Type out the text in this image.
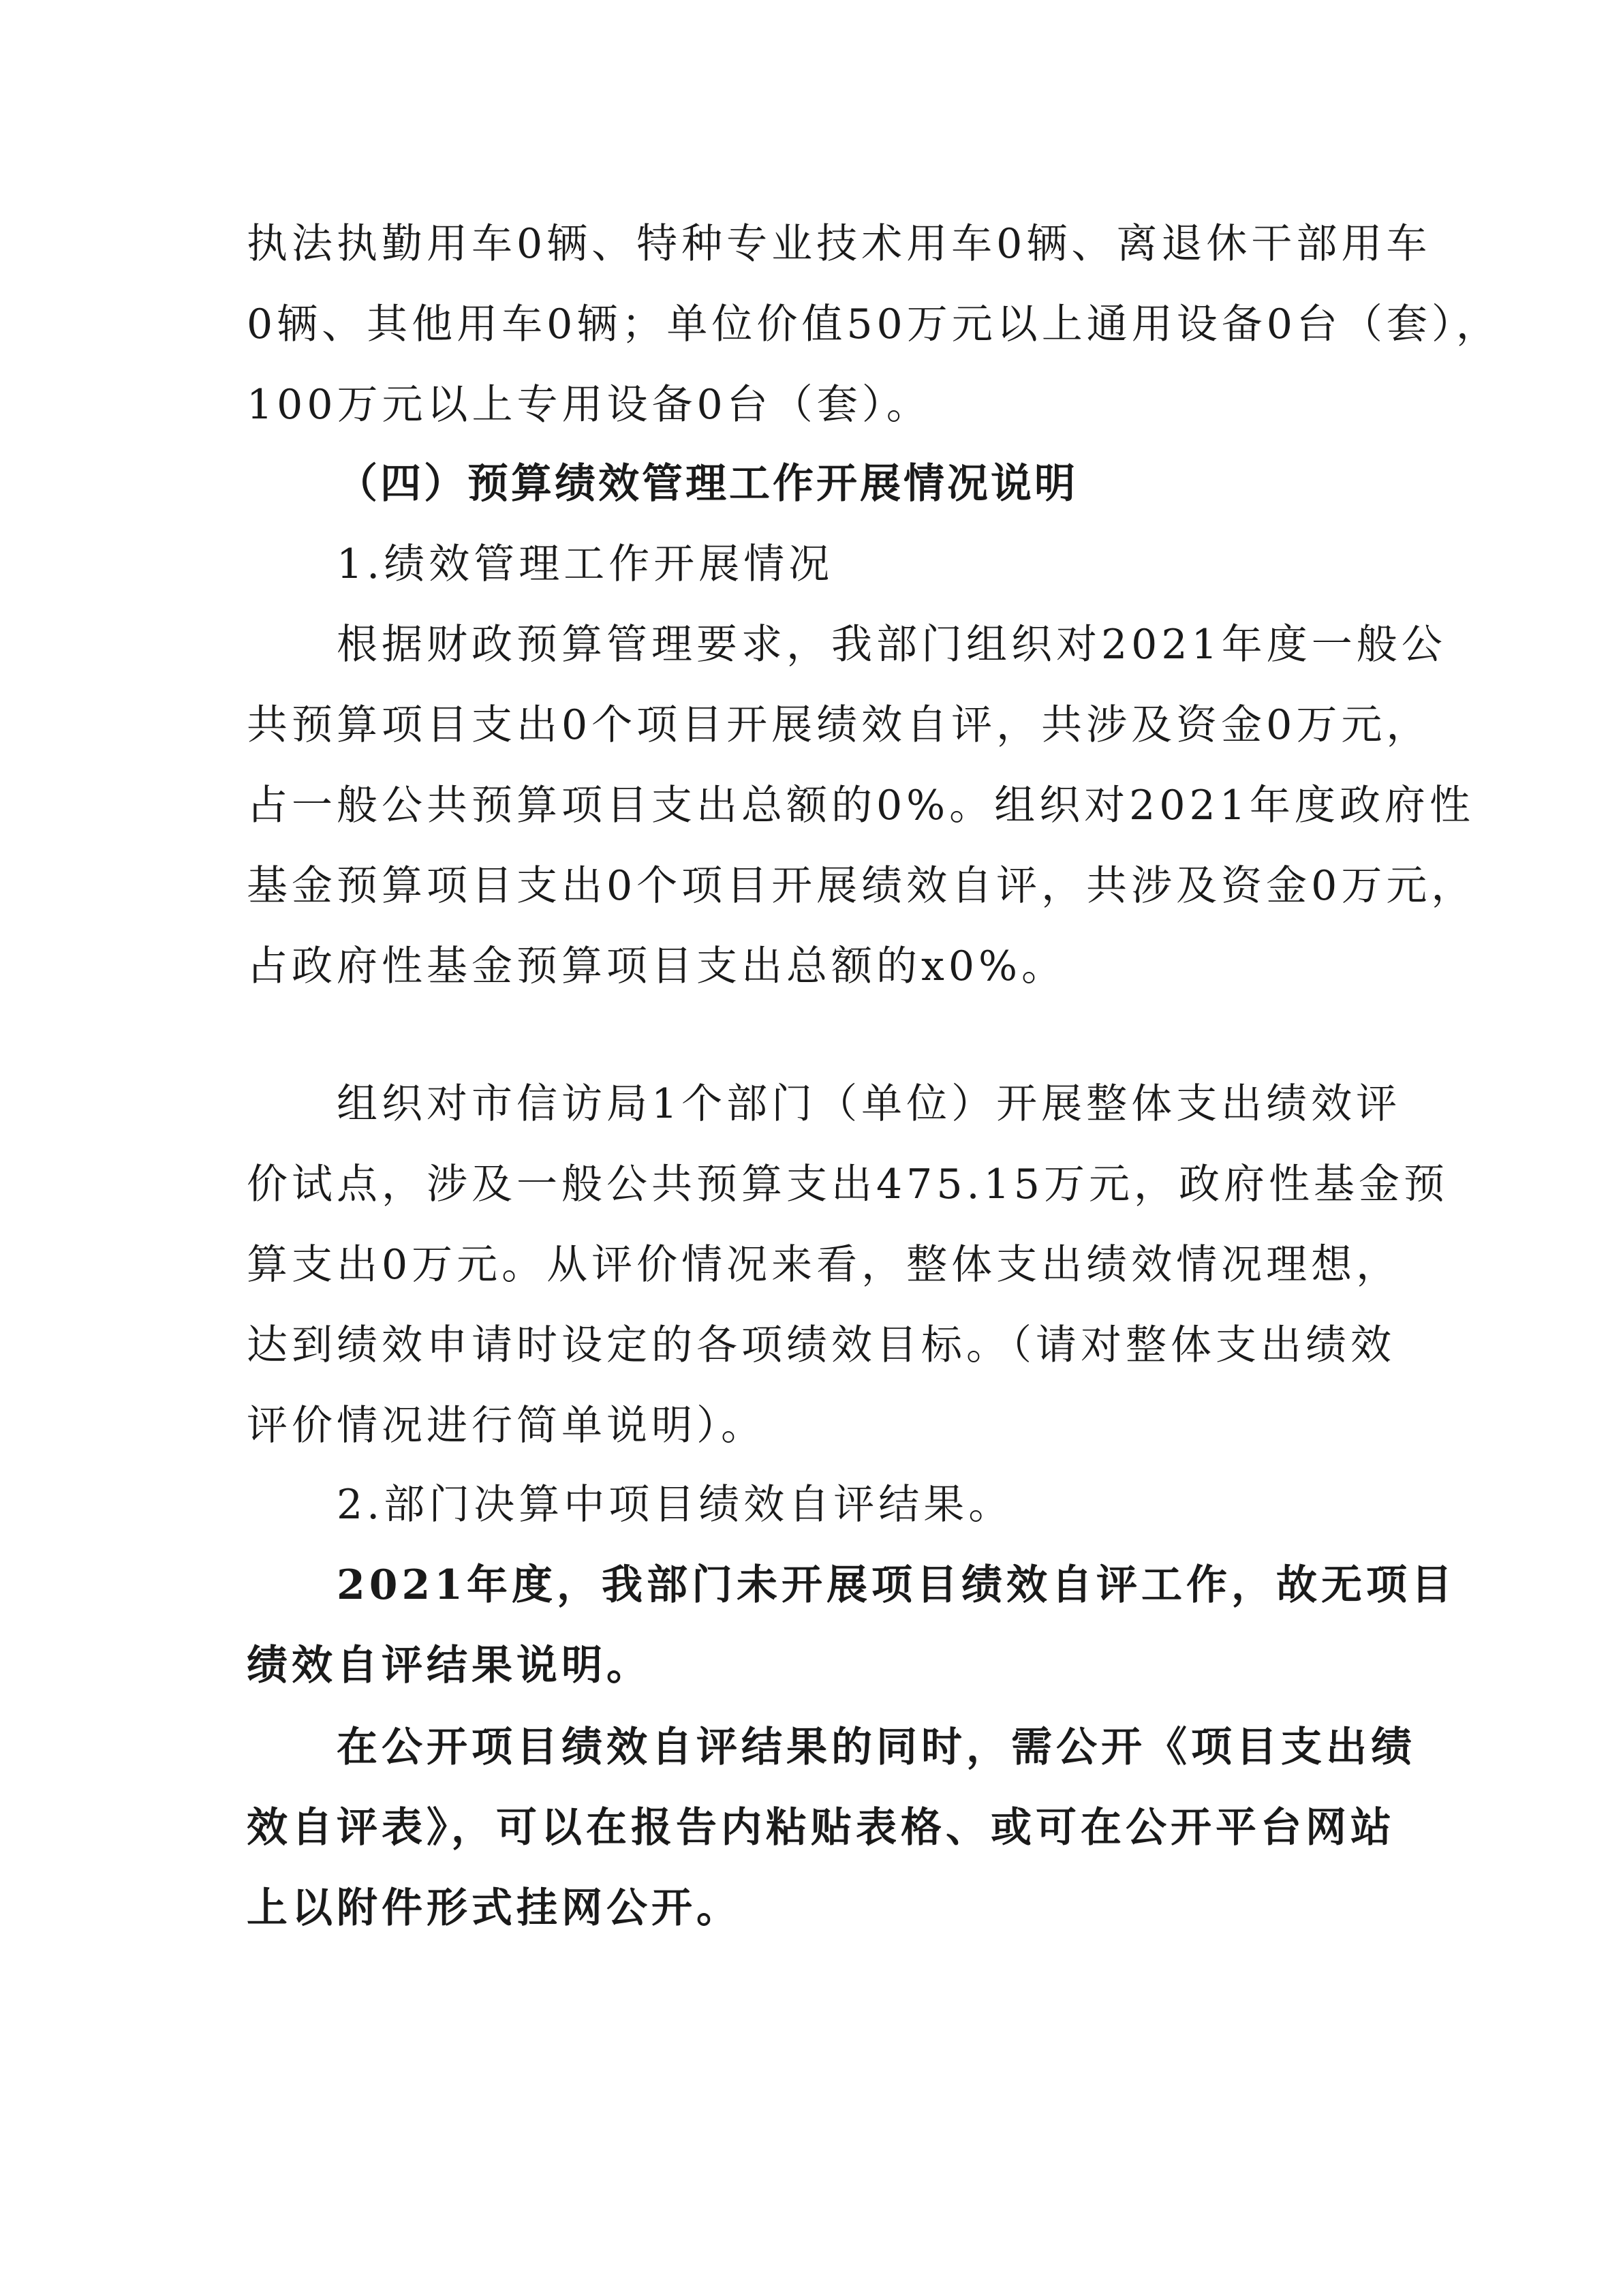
执法执勤用车0辆、特种专业技术用车0辆、离退休干部用车
0辆、其他用车0辆；单位价值50万元以上通用设备0台（套），
100万元以上专用设备0台（套）。
（四）预算绩效管理工作开展情况说明
1.绩效管理工作开展情况
根据财政预算管理要求，我部门组织对2021年度一般公
共预算项目支出0个项目开展绩效自评，共涉及资金0万元，
占一般公共预算项目支出总额的0%。组织对2021年度政府性
基金预算项目支出0个项目开展绩效自评，共涉及资金0万元，
占政府性基金预算项目支出总额的x0%。
组织对市信访局1个部门（单位）开展整体支出绩效评
价试点，涉及一般公共预算支出475.15万元，政府性基金预
算支出0万元。从评价情况来看，整体支出绩效情况理想，
达到绩效申请时设定的各项绩效目标。（请对整体支出绩效
评价情况进行简单说明）。
2.部门决算中项目绩效自评结果。
2021年度，我部门未开展项目绩效自评工作，故无项目
绩效自评结果说明。
在公开项目绩效自评结果的同时，需公开《项目支出绩
效自评表》，可以在报告内粘贴表格、或可在公开平台网站
上以附件形式挂网公开。
